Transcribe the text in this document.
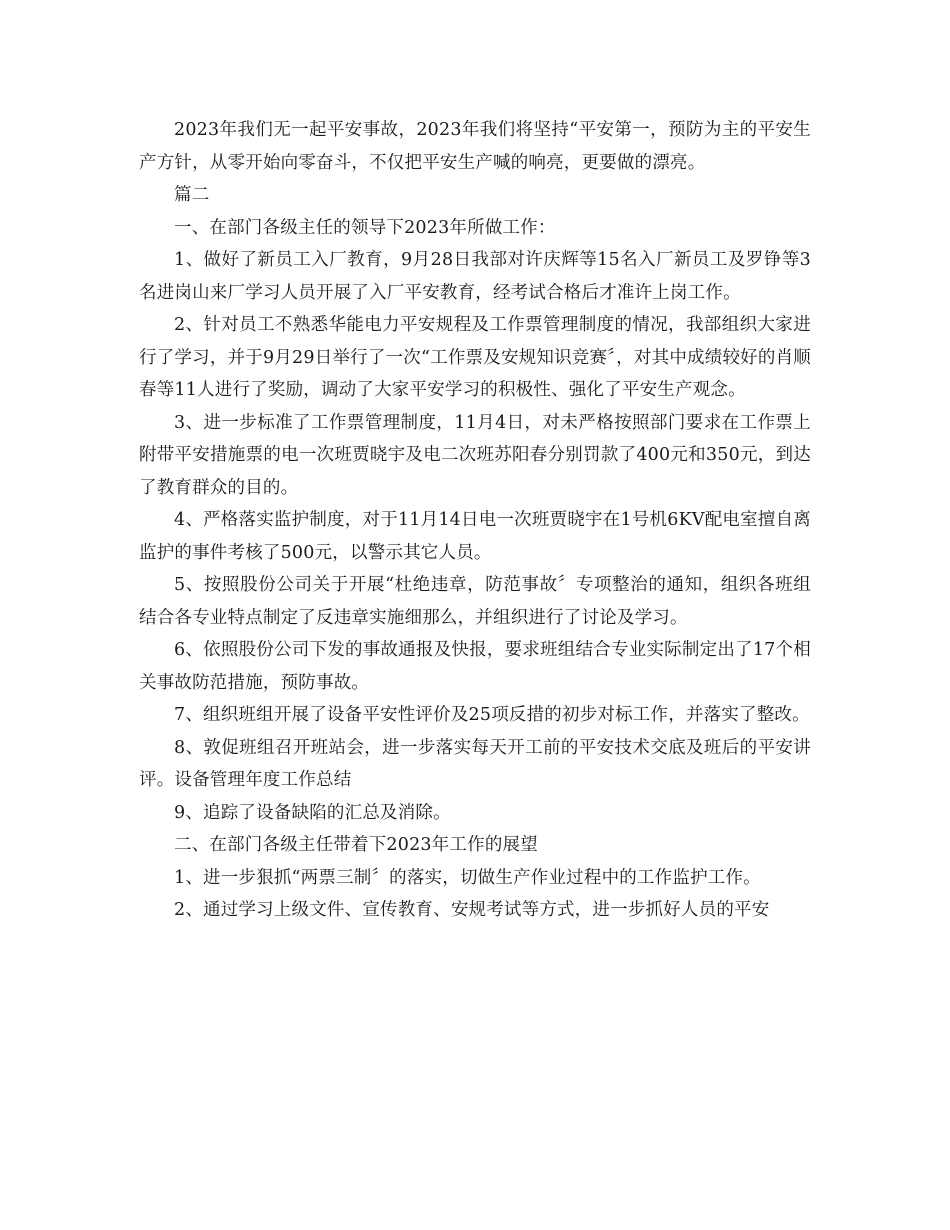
2023年我们无一起平安事故，2023年我们将坚持“平安第一，预防为主的平安生产方针，从零开始向零奋斗，不仅把平安生产喊的响亮，更要做的漂亮。

篇二

一、在部门各级主任的领导下2023年所做工作：

1、做好了新员工入厂教育，9月28日我部对许庆辉等15名入厂新员工及罗铮等3名进岗山来厂学习人员开展了入厂平安教育，经考试合格后才准许上岗工作。

2、针对员工不熟悉华能电力平安规程及工作票管理制度的情况，我部组织大家进行了学习，并于9月29日举行了一次“工作票及安规知识竞赛〞，对其中成绩较好的肖顺春等11人进行了奖励，调动了大家平安学习的积极性、强化了平安生产观念。

3、进一步标准了工作票管理制度，11月4日，对未严格按照部门要求在工作票上附带平安措施票的电一次班贾晓宇及电二次班苏阳春分别罚款了400元和350元，到达了教育群众的目的。

4、严格落实监护制度，对于11月14日电一次班贾晓宇在1号机6KV配电室擅自离监护的事件考核了500元，以警示其它人员。

5、按照股份公司关于开展“杜绝违章，防范事故〞专项整治的通知，组织各班组结合各专业特点制定了反违章实施细那么，并组织进行了讨论及学习。

6、依照股份公司下发的事故通报及快报，要求班组结合专业实际制定出了17个相关事故防范措施，预防事故。

7、组织班组开展了设备平安性评价及25项反措的初步对标工作，并落实了整改。

8、敦促班组召开班站会，进一步落实每天开工前的平安技术交底及班后的平安讲评。设备管理年度工作总结

9、追踪了设备缺陷的汇总及消除。

二、在部门各级主任带着下2023年工作的展望

1、进一步狠抓“两票三制〞的落实，切做生产作业过程中的工作监护工作。

2、通过学习上级文件、宣传教育、安规考试等方式，进一步抓好人员的平安
